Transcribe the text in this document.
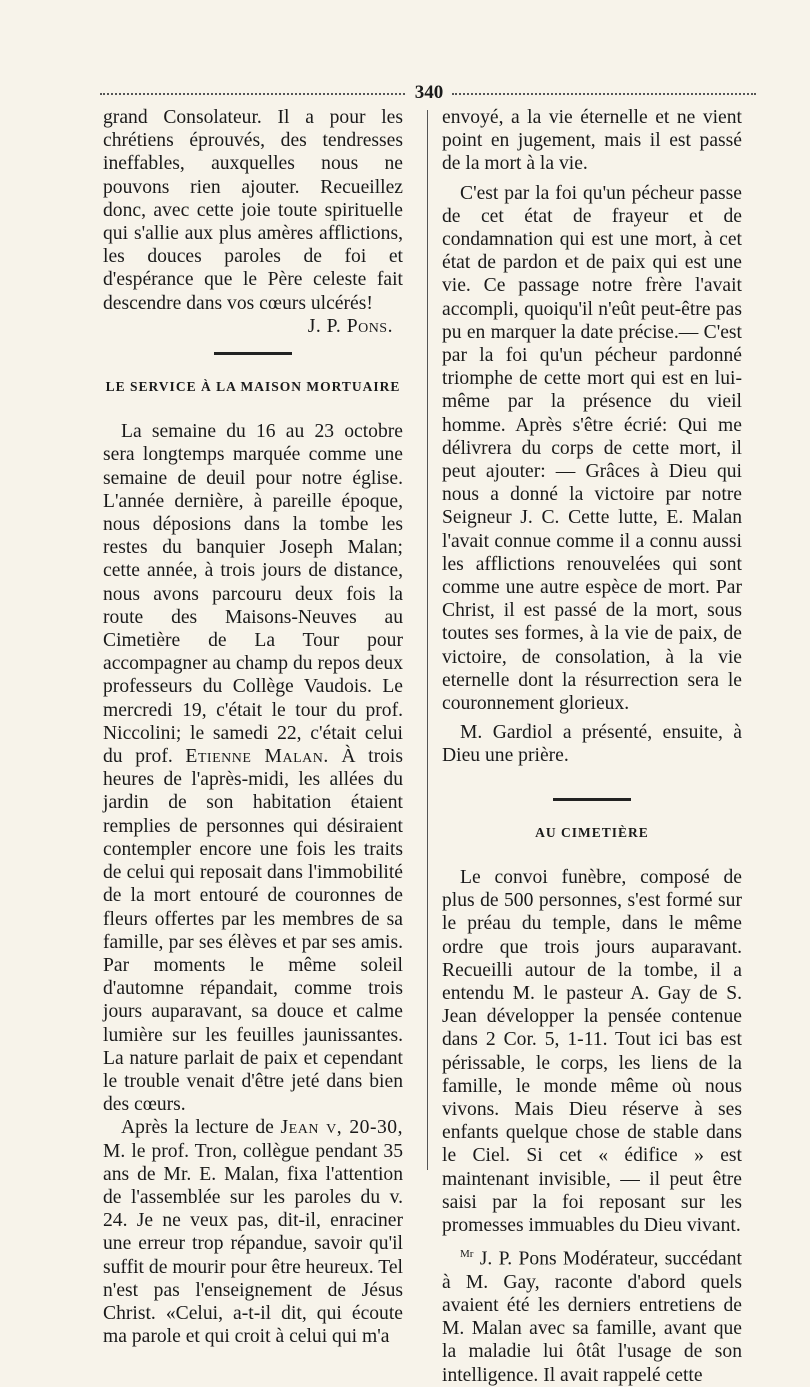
340

grand Consolateur. Il a pour les chrétiens éprouvés, des tendresses ineffables, auxquelles nous ne pouvons rien ajouter. Recueillez donc, avec cette joie toute spirituelle qui s'allie aux plus amères afflictions, les douces paroles de foi et d'espérance que le Père celeste fait descendre dans vos cœurs ulcérés!

J. P. Pons.

LE SERVICE À LA MAISON MORTUAIRE

La semaine du 16 au 23 octobre sera longtemps marquée comme une semaine de deuil pour notre église. L'année dernière, à pareille époque, nous déposions dans la tombe les restes du banquier Joseph Malan; cette année, à trois jours de distance, nous avons parcouru deux fois la route des Maisons-Neuves au Cimetière de La Tour pour accompagner au champ du repos deux professeurs du Collège Vaudois. Le mercredi 19, c'était le tour du prof. Niccolini; le samedi 22, c'était celui du prof. Etienne Malan. À trois heures de l'après-midi, les allées du jardin de son habitation étaient remplies de personnes qui désiraient contempler encore une fois les traits de celui qui reposait dans l'immobilité de la mort entouré de couronnes de fleurs offertes par les membres de sa famille, par ses élèves et par ses amis. Par moments le même soleil d'automne répandait, comme trois jours auparavant, sa douce et calme lumière sur les feuilles jaunissantes. La nature parlait de paix et cependant le trouble venait d'être jeté dans bien des cœurs.

Après la lecture de Jean v, 20-30, M. le prof. Tron, collègue pendant 35 ans de Mr. E. Malan, fixa l'attention de l'assemblée sur les paroles du v. 24. Je ne veux pas, dit-il, enraciner une erreur trop répandue, savoir qu'il suffit de mourir pour être heureux. Tel n'est pas l'enseignement de Jésus Christ. «Celui, a-t-il dit, qui écoute ma parole et qui croit à celui qui m'a

envoyé, a la vie éternelle et ne vient point en jugement, mais il est passé de la mort à la vie.

C'est par la foi qu'un pécheur passe de cet état de frayeur et de condamnation qui est une mort, à cet état de pardon et de paix qui est une vie. Ce passage notre frère l'avait accompli, quoiqu'il n'eût peut-être pas pu en marquer la date précise.— C'est par la foi qu'un pécheur pardonné triomphe de cette mort qui est en lui-même par la présence du vieil homme. Après s'être écrié: Qui me délivrera du corps de cette mort, il peut ajouter: — Grâces à Dieu qui nous a donné la victoire par notre Seigneur J. C. Cette lutte, E. Malan l'avait connue comme il a connu aussi les afflictions renouvelées qui sont comme une autre espèce de mort. Par Christ, il est passé de la mort, sous toutes ses formes, à la vie de paix, de victoire, de consolation, à la vie eternelle dont la résurrection sera le couronnement glorieux.

M. Gardiol a présenté, ensuite, à Dieu une prière.

AU CIMETIÈRE

Le convoi funèbre, composé de plus de 500 personnes, s'est formé sur le préau du temple, dans le même ordre que trois jours auparavant. Recueilli autour de la tombe, il a entendu M. le pasteur A. Gay de S. Jean développer la pensée contenue dans 2 Cor. 5, 1-11. Tout ici bas est périssable, le corps, les liens de la famille, le monde même où nous vivons. Mais Dieu réserve à ses enfants quelque chose de stable dans le Ciel. Si cet « édifice » est maintenant invisible, — il peut être saisi par la foi reposant sur les promesses immuables du Dieu vivant.

$^{Mr}$ J. P. Pons Modérateur, succédant à M. Gay, raconte d'abord quels avaient été les derniers entretiens de M. Malan avec sa famille, avant que la maladie lui ôtât l'usage de son intelligence. Il avait rappelé cette
